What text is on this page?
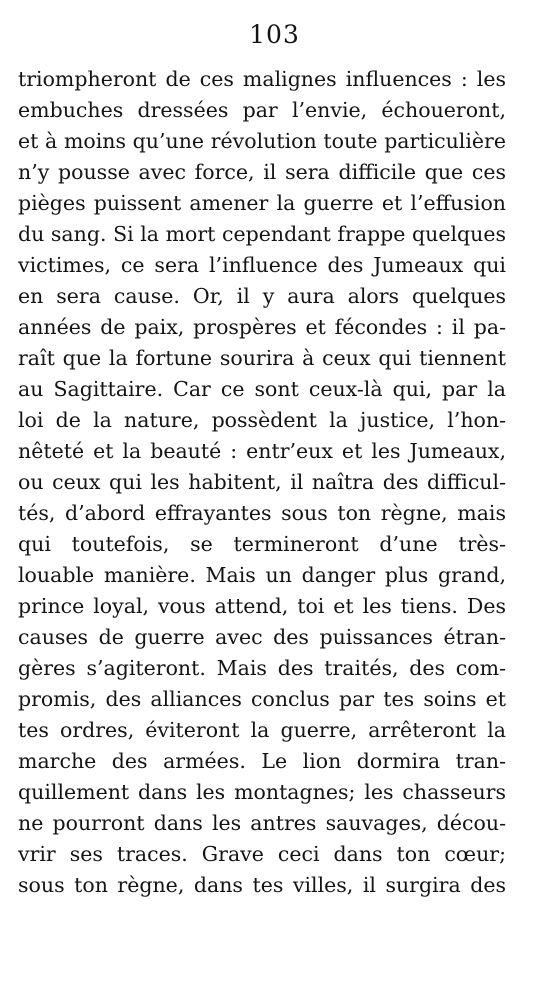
103
triompheront de ces malignes influences : les
embuches dressées par l’envie, échoueront,
et à moins qu’une révolution toute particulière
n’y pousse avec force, il sera difficile que ces
pièges puissent amener la guerre et l’effusion
du sang. Si la mort cependant frappe quelques
victimes, ce sera l’influence des Jumeaux qui
en sera cause. Or, il y aura alors quelques
années de paix, prospères et fécondes : il pa-
raît que la fortune sourira à ceux qui tiennent
au Sagittaire. Car ce sont ceux-là qui, par la
loi de la nature, possèdent la justice, l’hon-
nêteté et la beauté : entr’eux et les Jumeaux,
ou ceux qui les habitent, il naîtra des difficul-
tés, d’abord effrayantes sous ton règne, mais
qui toutefois, se termineront d’une très-
louable manière. Mais un danger plus grand,
prince loyal, vous attend, toi et les tiens. Des
causes de guerre avec des puissances étran-
gères s’agiteront. Mais des traités, des com-
promis, des alliances conclus par tes soins et
tes ordres, éviteront la guerre, arrêteront la
marche des armées. Le lion dormira tran-
quillement dans les montagnes; les chasseurs
ne pourront dans les antres sauvages, décou-
vrir ses traces. Grave ceci dans ton cœur;
sous ton règne, dans tes villes, il surgira des
